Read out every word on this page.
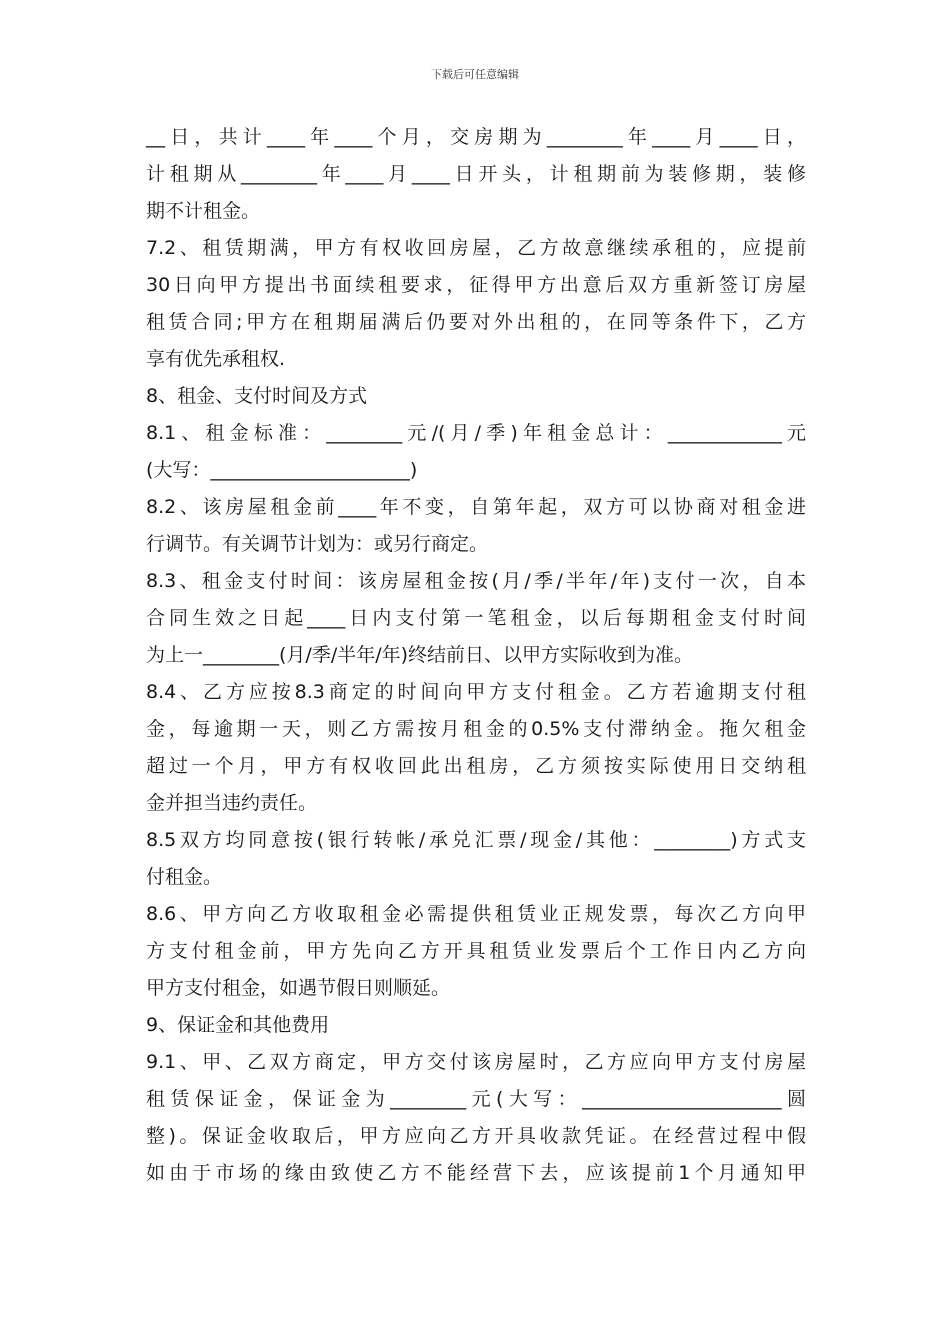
下载后可任意编辑
__日，共计____年____个月，交房期为________年____月____日，
计租期从________年____月____日开头，计租期前为装修期，装修
期不计租金。
7.2、租赁期满，甲方有权收回房屋，乙方故意继续承租的，应提前
30日向甲方提出书面续租要求，征得甲方出意后双方重新签订房屋
租赁合同;甲方在租期届满后仍要对外出租的，在同等条件下，乙方
享有优先承租权.
8、租金、支付时间及方式
8.1、租金标准：________元/(月/季)年租金总计：____________元
(大写：_____________________)
8.2、该房屋租金前____年不变，自第年起，双方可以协商对租金进
行调节。有关调节计划为：或另行商定。
8.3、租金支付时间：该房屋租金按(月/季/半年/年)支付一次，自本
合同生效之日起____日内支付第一笔租金，以后每期租金支付时间
为上一________(月/季/半年/年)终结前日、以甲方实际收到为准。
8.4、乙方应按8.3商定的时间向甲方支付租金。乙方若逾期支付租
金，每逾期一天，则乙方需按月租金的0.5%支付滞纳金。拖欠租金
超过一个月，甲方有权收回此出租房，乙方须按实际使用日交纳租
金并担当违约责任。
8.5双方均同意按(银行转帐/承兑汇票/现金/其他：________)方式支
付租金。
8.6、甲方向乙方收取租金必需提供租赁业正规发票，每次乙方向甲
方支付租金前，甲方先向乙方开具租赁业发票后个工作日内乙方向
甲方支付租金，如遇节假日则顺延。
9、保证金和其他费用
9.1、甲、乙双方商定，甲方交付该房屋时，乙方应向甲方支付房屋
租赁保证金，保证金为________元(大写：_____________________圆
整)。保证金收取后，甲方应向乙方开具收款凭证。在经营过程中假
如由于市场的缘由致使乙方不能经营下去，应该提前1个月通知甲
